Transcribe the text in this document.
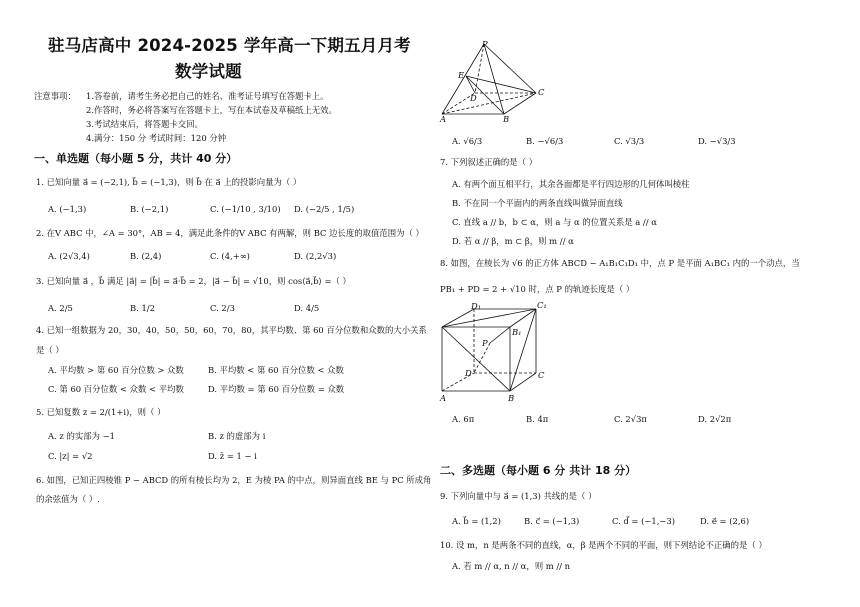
驻马店高中 2024-2025 学年高一下期五月月考
数学试题
注意事项： 1.答卷前，请考生务必把自己的姓名、准考证号填写在答题卡上。
2.作答时，务必将答案写在答题卡上，写在本试卷及草稿纸上无效。
3.考试结束后，将答题卡交回。
4.满分：150 分 考试时间：120 分钟
一、单选题（每小题 5 分，共计 40 分）
1. 已知向量 a⃗ = (−2,1), b⃗ = (−1,3)，则 b⃗ 在 a⃗ 上的投影向量为（ ）
A. (−1,3)	B. (−2,1)	C. (−1/10 , 3/10) D. (−2/5 , 1/5)
2. 在V ABC 中，∠A = 30°，AB = 4，满足此条件的V ABC 有两解，则 BC 边长度的取值范围为（ ）
A. (2√3,4)	B. (2,4)	C. (4,+∞)	D. (2,2√3)
3. 已知向量 a⃗ ，b⃗ 满足 |a⃗| = |b⃗| = a⃗·b⃗ = 2，|a⃗ − b⃗| = √10，则 cos⟨a⃗,b⃗⟩ =（ ）
A. 2/5	B. 1/2	C. 2/3	D. 4/5
4. 已知一组数据为 20，30，40，50，50，60，70，80，其平均数、第 60 百分位数和众数的大小关系
是（ ）
A. 平均数 > 第 60 百分位数 > 众数	B. 平均数 < 第 60 百分位数 < 众数
C. 第 60 百分位数 < 众数 < 平均数	D. 平均数 = 第 60 百分位数 = 众数
5. 已知复数 z = 2/(1+i)，则（ ）
A. z 的实部为 −1	B. z 的虚部为 i
C. |z| = √2	D. z̄ = 1 − i
6. 如图，已知正四棱锥 P − ABCD 的所有棱长均为 2，E 为棱 PA 的中点，则异面直线 BE 与 PC 所成角
的余弦值为（ ）.
P
E
D
A	B
C
A. √6/3	B. −√6/3	C. √3/3	D. −√3/3
7. 下列叙述正确的是（ ）
A. 有两个面互相平行，其余各面都是平行四边形的几何体叫棱柱
B. 不在同一个平面内的两条直线叫做异面直线
C. 直线 a // b，b ⊂ α，则 a 与 α 的位置关系是 a // α
D. 若 α // β，m ⊂ β，则 m // α
8. 如图，在棱长为 √6 的正方体 ABCD − A₁B₁C₁D₁ 中，点 P 是平面 A₁BC₁ 内的一个动点，当
PB₁ + PD = 2 + √10 时，点 P 的轨迹长度是（ ）
D₁	C₁
B₁
P
D	C
A	B
A. 6π	B. 4π	C. 2√3π	D. 2√2π
二、多选题（每小题 6 分 共计 18 分）
9. 下列向量中与 a⃗ = (1,3) 共线的是（ ）
A. b⃗ = (1,2)	B. c⃗ = (−1,3)	C. d⃗ = (−1,−3)	D. e⃗ = (2,6)
10. 设 m，n 是两条不同的直线，α，β 是两个不同的平面，则下列结论不正确的是（ ）
A. 若 m // α, n // α，则 m // n
